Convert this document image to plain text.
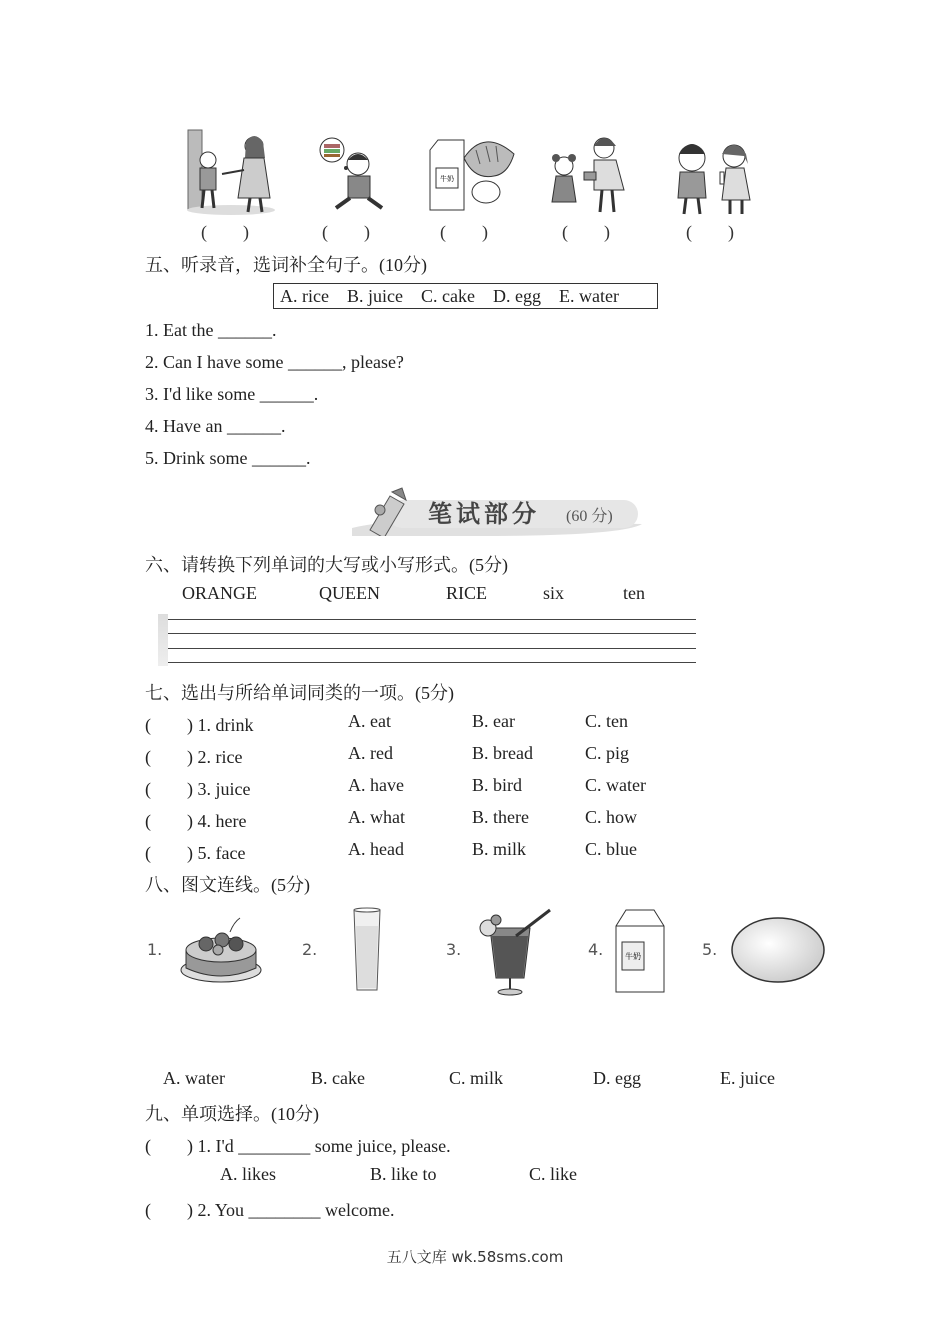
牛奶
(　　)	(　　)	(　　)	(　　)	(　　)
五、听录音，选词补全句子。(10分)
A. rice B. juice C. cake D. egg E. water
1. Eat the ______.
2. Can I have some ______, please?
3. I'd like some ______.
4. Have an ______.
5. Drink some ______.
笔试部分 (60 分)
六、请转换下列单词的大写或小写形式。(5分)
ORANGE	QUEEN	RICE	six	ten
七、选出与所给单词同类的一项。(5分)
(　　) 1. drink	A. eat	B. ear	C. ten
(　　) 2. rice	A. red	B. bread	C. pig
(　　) 3. juice	A. have	B. bird	C. water
(　　) 4. here	A. what	B. there	C. how
(　　) 5. face	A. head	B. milk	C. blue
八、图文连线。(5分)
1.	2.	3.	4.	5.
牛奶
A. water	B. cake	C. milk	D. egg	E. juice
九、单项选择。(10分)
(　　) 1. I'd ________ some juice, please.
A. likes	B. like to	C. like
(　　) 2. You ________ welcome.
五八文库 wk.58sms.com
